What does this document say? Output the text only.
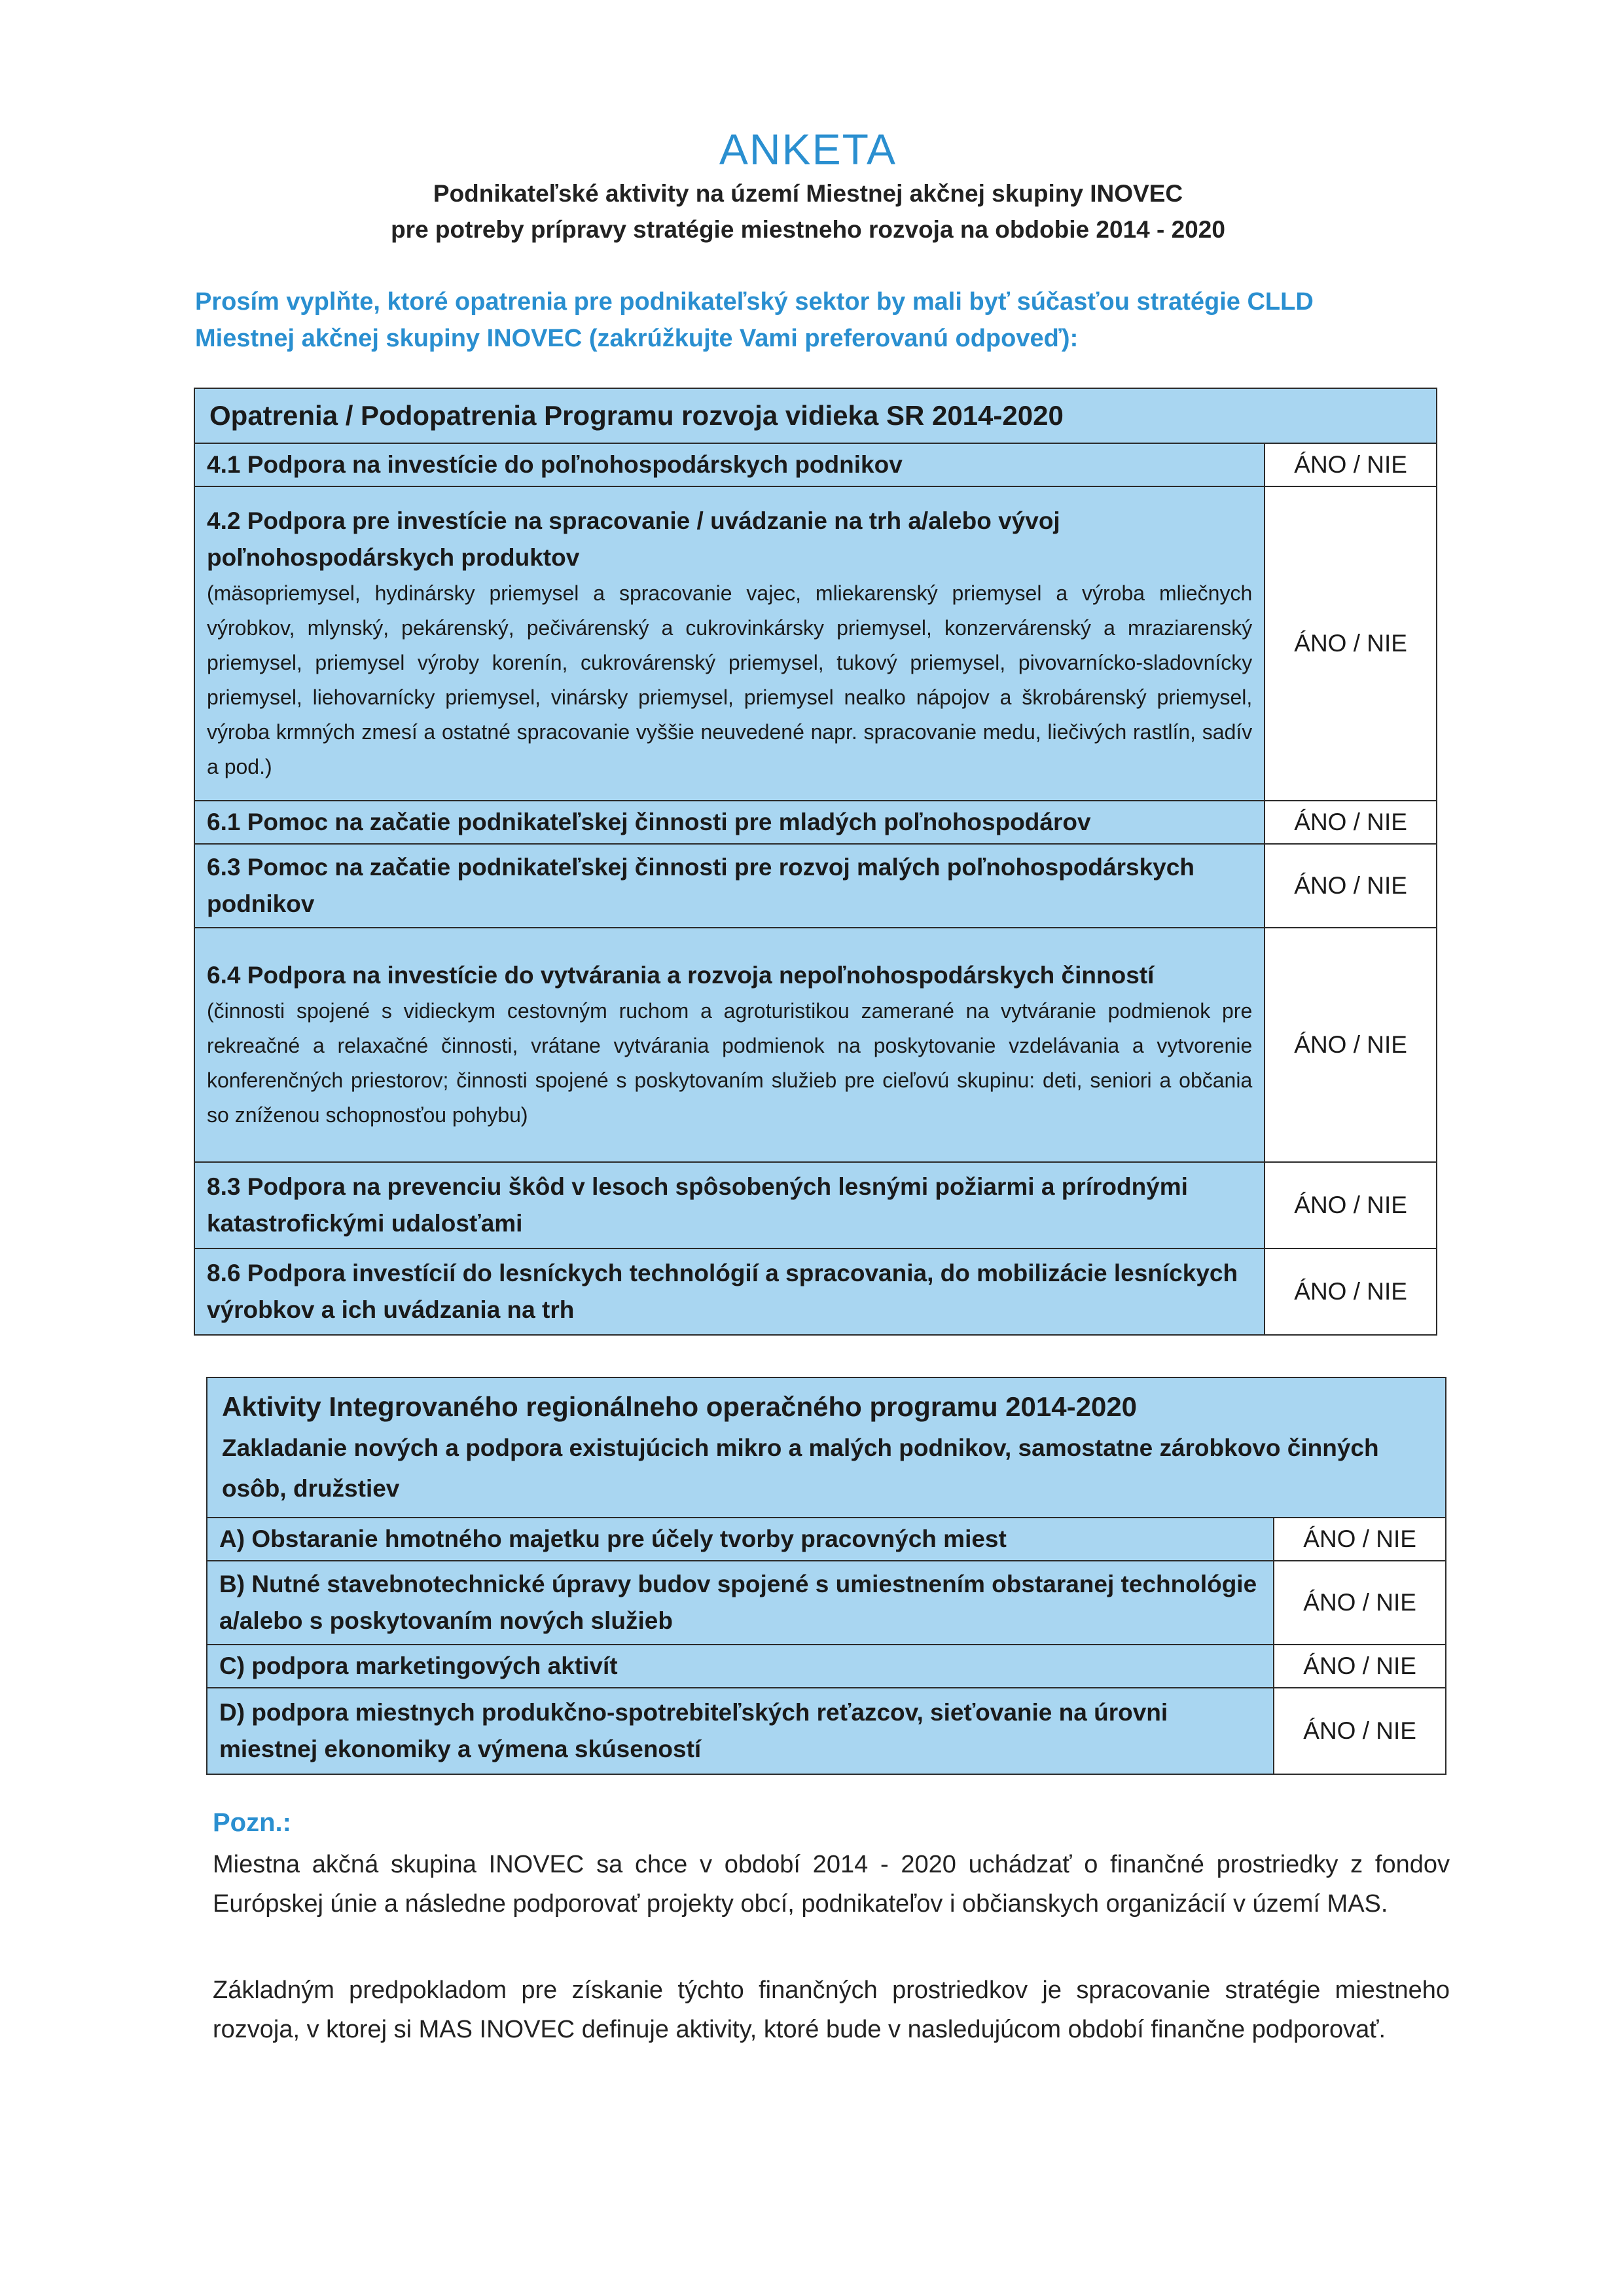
ANKETA
Podnikateľské aktivity na území Miestnej akčnej skupiny INOVEC
pre potreby prípravy stratégie miestneho rozvoja na obdobie 2014 - 2020
Prosím vyplňte, ktoré opatrenia pre podnikateľský sektor by mali byť súčasťou stratégie CLLD
Miestnej akčnej skupiny INOVEC (zakrúžkujte Vami preferovanú odpoveď):
Opatrenia / Podopatrenia Programu rozvoja vidieka SR 2014-2020	

4.1 Podpora na investície do poľnohospodárskych podnikov	ÁNO / NIE

4.2 Podpora pre investície na spracovanie / uvádzanie na trh a/alebo vývoj poľnohospodárskych produktov
(mäsopriemysel, hydinársky priemysel a spracovanie vajec, mliekarenský priemysel a výroba mliečnych výrobkov, mlynský, pekárenský, pečivárenský a cukrovinkársky priemysel, konzervárenský a mraziarenský priemysel, priemysel výroby korenín, cukrovárenský priemysel, tukový priemysel, pivovarnícko-sladovnícky priemysel, liehovarnícky priemysel, vinársky priemysel, priemysel nealko nápojov a škrobárenský priemysel, výroba krmných zmesí a ostatné spracovanie vyššie neuvedené napr. spracovanie medu, liečivých rastlín, sadív a pod.)	ÁNO / NIE

6.1 Pomoc na začatie podnikateľskej činnosti pre mladých poľnohospodárov	ÁNO / NIE

6.3 Pomoc na začatie podnikateľskej činnosti pre rozvoj malých poľnohospodárskych podnikov	ÁNO / NIE

6.4 Podpora na investície do vytvárania a rozvoja nepoľnohospodárskych činností
(činnosti spojené s vidieckym cestovným ruchom a agroturistikou zamerané na vytváranie podmienok pre rekreačné a relaxačné činnosti, vrátane vytvárania podmienok na poskytovanie vzdelávania a vytvorenie konferenčných priestorov; činnosti spojené s poskytovaním služieb pre cieľovú skupinu: deti, seniori a občania so zníženou schopnosťou pohybu)	ÁNO / NIE

8.3 Podpora na prevenciu škôd v lesoch spôsobených lesnými požiarmi a prírodnými katastrofickými udalosťami	ÁNO / NIE

8.6 Podpora investícií do lesníckych technológií a spracovania, do mobilizácie lesníckych výrobkov a ich uvádzania na trh	ÁNO / NIE
Aktivity Integrovaného regionálneho operačného programu 2014-2020
Zakladanie nových a podpora existujúcich mikro a malých podnikov, samostatne zárobkovo činných osôb, družstiev	

A) Obstaranie hmotného majetku pre účely tvorby pracovných miest	ÁNO / NIE

B) Nutné stavebnotechnické úpravy budov spojené s umiestnením obstaranej technológie a/alebo s poskytovaním nových služieb	ÁNO / NIE

C) podpora marketingových aktivít	ÁNO / NIE

D) podpora miestnych produkčno-spotrebiteľských reťazcov, sieťovanie na úrovni miestnej ekonomiky a výmena skúseností	ÁNO / NIE
Pozn.:
Miestna akčná skupina INOVEC sa chce v období 2014 - 2020 uchádzať o finančné prostriedky z fondov Európskej únie a následne podporovať projekty obcí, podnikateľov i občianskych organizácií v území MAS.
Základným predpokladom pre získanie týchto finančných prostriedkov je spracovanie stratégie miestneho rozvoja, v ktorej si MAS INOVEC definuje aktivity, ktoré bude v nasledujúcom období finančne podporovať.
